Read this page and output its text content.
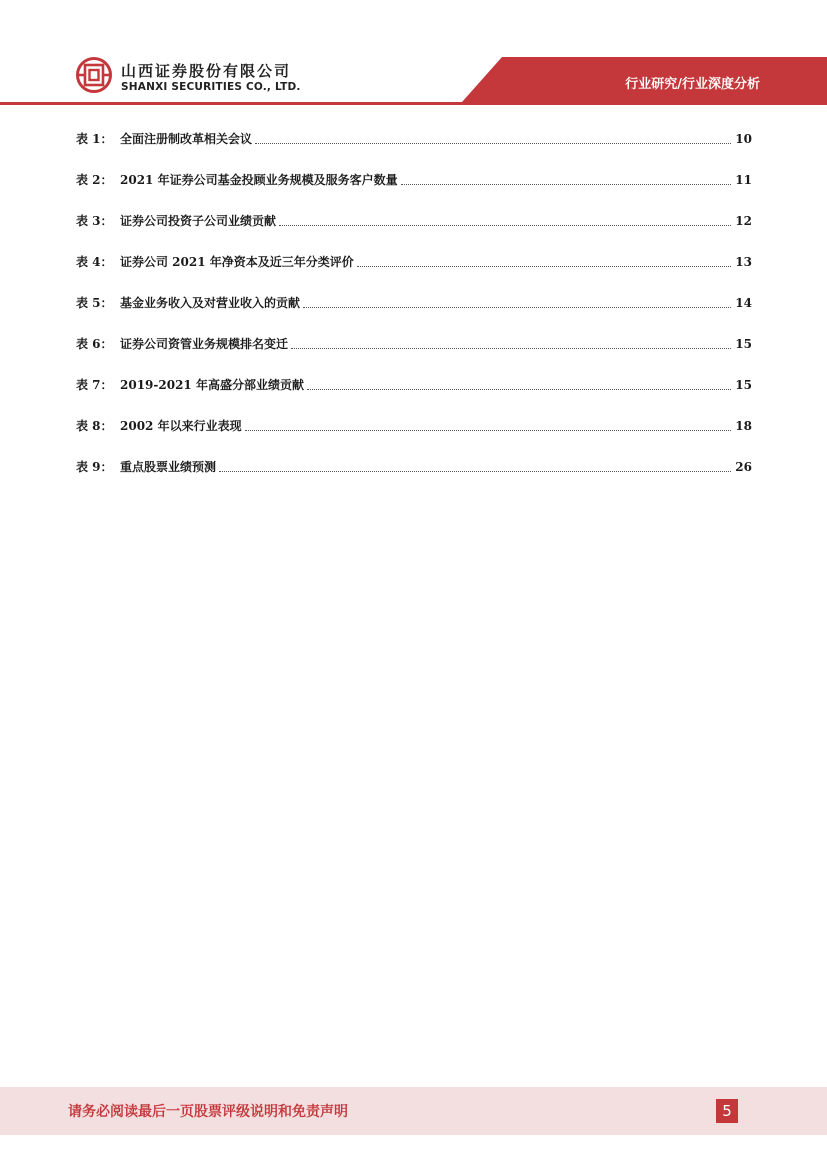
山西证券股份有限公司
SHANXI SECURITIES CO., LTD.	行业研究/行业深度分析
表 1： 全面注册制改革相关会议	10
表 2： 2021 年证券公司基金投顾业务规模及服务客户数量	11
表 3： 证券公司投资子公司业绩贡献	12
表 4： 证券公司 2021 年净资本及近三年分类评价	13
表 5： 基金业务收入及对营业收入的贡献	14
表 6： 证券公司资管业务规模排名变迁	15
表 7： 2019-2021 年高盛分部业绩贡献	15
表 8： 2002 年以来行业表现	18
表 9： 重点股票业绩预测	26
请务必阅读最后一页股票评级说明和免责声明	5
